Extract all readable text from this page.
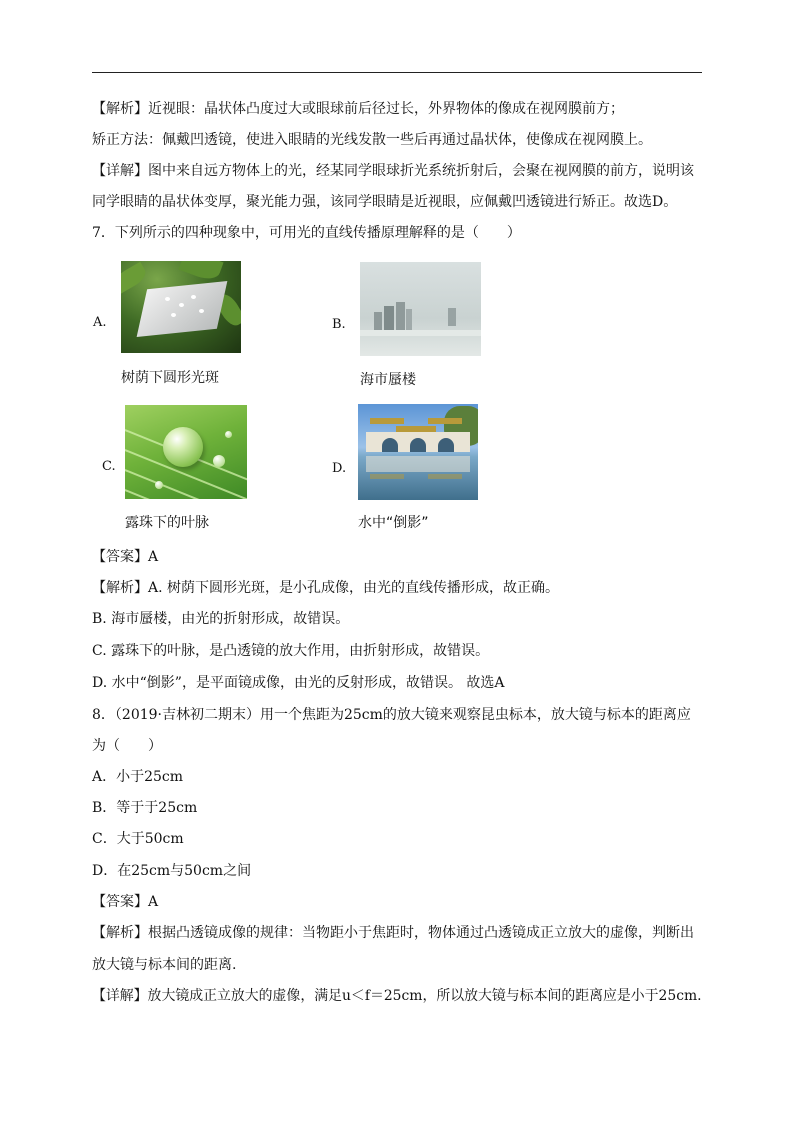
【解析】近视眼：晶状体凸度过大或眼球前后径过长，外界物体的像成在视网膜前方；
矫正方法：佩戴凹透镜，使进入眼睛的光线发散一些后再通过晶状体，使像成在视网膜上。
【详解】图中来自远方物体上的光，经某同学眼球折光系统折射后，会聚在视网膜的前方，说明该
同学眼睛的晶状体变厚，聚光能力强，该同学眼睛是近视眼，应佩戴凹透镜进行矫正。故选D。
7．下列所示的四种现象中，可用光的直线传播原理解释的是（　　）
A.
树荫下圆形光斑
B.
海市蜃楼
C.
露珠下的叶脉
D.
水中“倒影”
【答案】A
【解析】A. 树荫下圆形光斑，是小孔成像，由光的直线传播形成，故正确。
B. 海市蜃楼，由光的折射形成，故错误。
C. 露珠下的叶脉，是凸透镜的放大作用，由折射形成，故错误。
D. 水中“倒影”，是平面镜成像，由光的反射形成，故错误。 故选A
8．（2019·吉林初二期末）用一个焦距为25cm的放大镜来观察昆虫标本，放大镜与标本的距离应
为（　　）
A．小于25cm
B．等于于25cm
C．大于50cm
D．在25cm与50cm之间
【答案】A
【解析】根据凸透镜成像的规律：当物距小于焦距时，物体通过凸透镜成正立放大的虚像，判断出
放大镜与标本间的距离.
【详解】放大镜成正立放大的虚像，满足u＜f＝25cm，所以放大镜与标本间的距离应是小于25cm.
